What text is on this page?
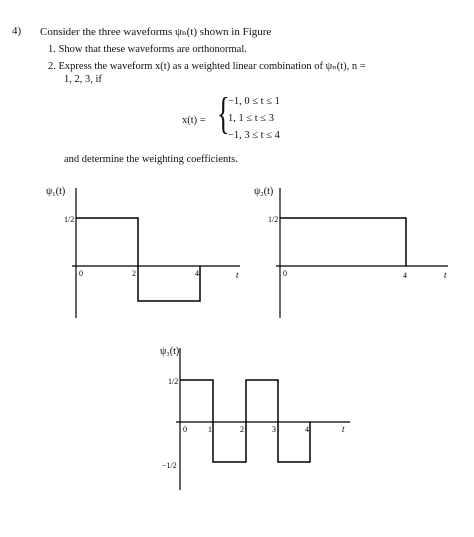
4) Consider the three waveforms ψₙ(t) shown in Figure
1. Show that these waveforms are orthonormal.
2. Express the waveform x(t) as a weighted linear combination of ψₙ(t), n =
1, 2, 3, if
x(t) = {
−1, 0 ≤ t ≤ 1
1, 1 ≤ t ≤ 3
−1, 3 ≤ t ≤ 4
and determine the weighting coefficients.
ψ₁(t)
t
1/2
0	2	4
ψ₂(t)
t
1/2
0	4
ψ₃(t)
t
1/2
−1/2
0	1	2	3	4
